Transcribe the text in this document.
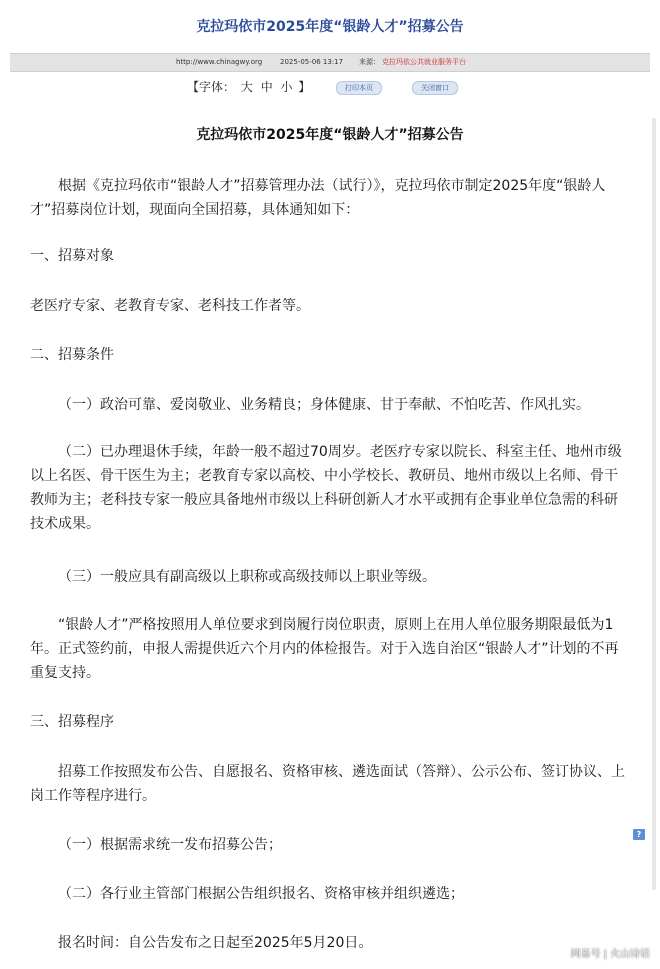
克拉玛依市2025年度“银龄人才”招募公告
http://www.chinagwy.org	2025-05-06 13:17 来源： 克拉玛依公共就业服务平台
【字体： 大 中 小 】	打印本页	关闭窗口
克拉玛依市2025年度“银龄人才”招募公告

根据《克拉玛依市“银龄人才”招募管理办法（试行）》，克拉玛依市制定2025年度“银龄人才”招募岗位计划，现面向全国招募，具体通知如下：

一、招募对象

老医疗专家、老教育专家、老科技工作者等。

二、招募条件

（一）政治可靠、爱岗敬业、业务精良；身体健康、甘于奉献、不怕吃苦、作风扎实。

（二）已办理退休手续，年龄一般不超过70周岁。老医疗专家以院长、科室主任、地州市级以上名医、骨干医生为主；老教育专家以高校、中小学校长、教研员、地州市级以上名师、骨干教师为主；老科技专家一般应具备地州市级以上科研创新人才水平或拥有企事业单位急需的科研技术成果。

（三）一般应具有副高级以上职称或高级技师以上职业等级。

“银龄人才”严格按照用人单位要求到岗履行岗位职责，原则上在用人单位服务期限最低为1年。正式签约前，申报人需提供近六个月内的体检报告。对于入选自治区“银龄人才”计划的不再重复支持。

三、招募程序

招募工作按照发布公告、自愿报名、资格审核、遴选面试（答辩）、公示公布、签订协议、上岗工作等程序进行。

（一）根据需求统一发布招募公告；

（二）各行业主管部门根据公告组织报名、资格审核并组织遴选；

报名时间：自公告发布之日起至2025年5月20日。

?
网易号 | 火山诗话
